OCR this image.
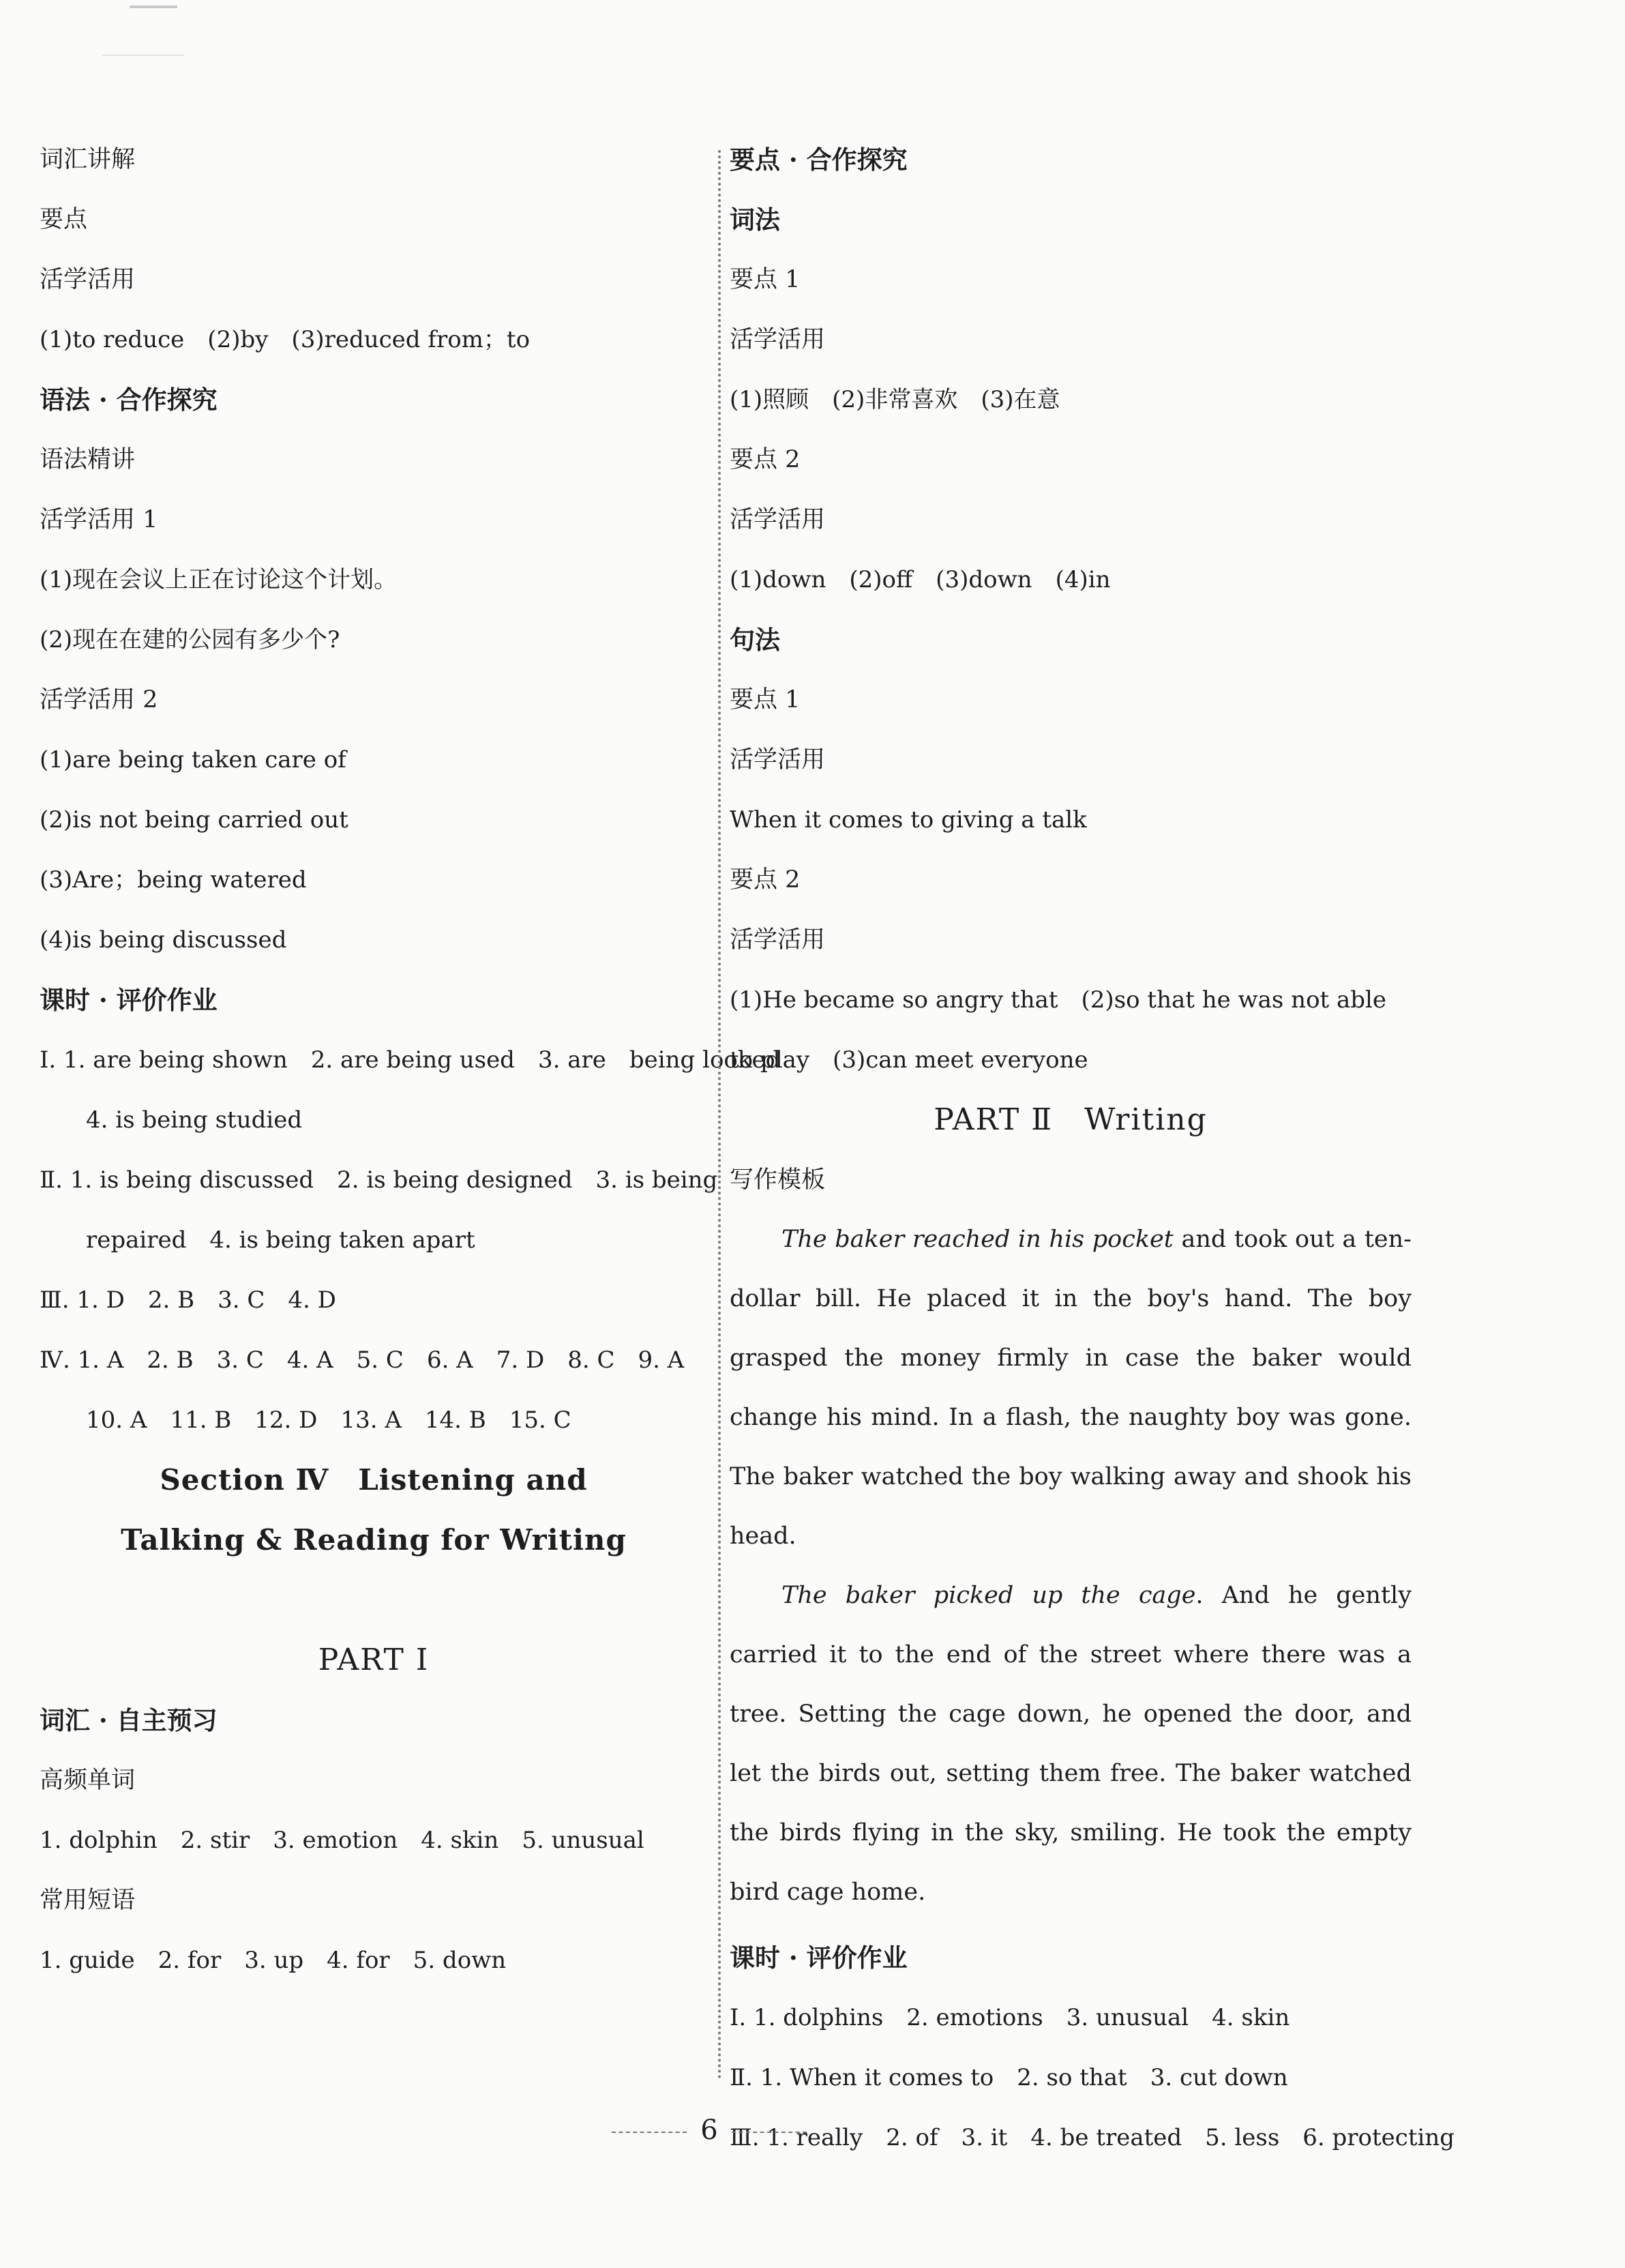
词汇讲解
要点
活学活用
(1)to reduce　(2)by　(3)reduced from；to
语法 · 合作探究
语法精讲
活学活用 1
(1)现在会议上正在讨论这个计划。
(2)现在在建的公园有多少个?
活学活用 2
(1)are being taken care of
(2)is not being carried out
(3)Are；being watered
(4)is being discussed
课时 · 评价作业
Ⅰ. 1. are being shown　2. are being used　3. are　being looked
4. is being studied
Ⅱ. 1. is being discussed　2. is being designed　3. is being
repaired　4. is being taken apart
Ⅲ. 1. D　2. B　3. C　4. D
Ⅳ. 1. A　2. B　3. C　4. A　5. C　6. A　7. D　8. C　9. A
10. A　11. B　12. D　13. A　14. B　15. C
Section Ⅳ　Listening and
Talking & Reading for Writing
PART Ⅰ
词汇 · 自主预习
高频单词
1. dolphin　2. stir　3. emotion　4. skin　5. unusual
常用短语
1. guide　2. for　3. up　4. for　5. down
要点 · 合作探究
词法
要点 1
活学活用
(1)照顾　(2)非常喜欢　(3)在意
要点 2
活学活用
(1)down　(2)off　(3)down　(4)in
句法
要点 1
活学活用
When it comes to giving a talk
要点 2
活学活用
(1)He became so angry that　(2)so that he was not able
to play　(3)can meet everyone
PART Ⅱ　Writing
写作模板

The baker reached in his pocket and took out a ten-dollar bill. He placed it in the boy's hand. The boy grasped the money firmly in case the baker would change his mind. In a flash, the naughty boy was gone. The baker watched the boy walking away and shook his head.

The baker picked up the cage. And he gently carried it to the end of the street where there was a tree. Setting the cage down, he opened the door, and let the birds out, setting them free. The baker watched the birds flying in the sky, smiling. He took the empty bird cage home.

课时 · 评价作业
Ⅰ. 1. dolphins　2. emotions　3. unusual　4. skin
Ⅱ. 1. When it comes to　2. so that　3. cut down
Ⅲ. 1. really　2. of　3. it　4. be treated　5. less　6. protecting
6
